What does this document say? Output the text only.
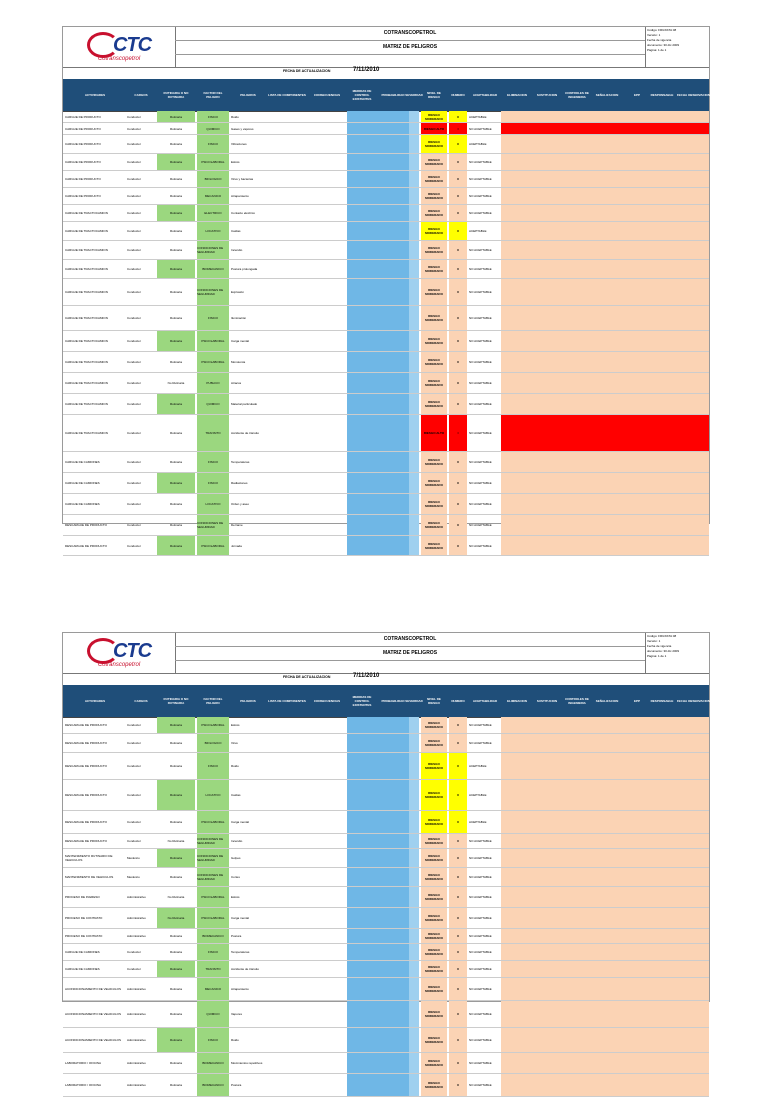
CTC
Cotranscopetrol
COTRANSCOPETROL
MATRIZ DE PELIGROS
Código: FRGSSTA 08
Versión: 1
Fecha de vigencia
documento: 30 dic 2009
Página: 1 de 1
FECHA DE ACTUALIZACION	7/11/2010
ACTIVIDADES	CARGOS	RUTINARIA O NO RUTINARIA
FACTOR DEL PELIGRO	PELIGROS	LISTA DE COMPONENTES	CONSECUENCIAS
MEDIDAS DE CONTROL EXISTENTES
PROBABILIDAD SEVERIDAD	NIVEL DE RIESGO	NUMERO	ACEPTABILIDAD	ELIMINACION	SUSTITUCION	CONTROLES DE INGENIERIA	SEÑALIZACION	EPP	RESPONSABLE	FECHA OBSERVACIONES
CARGUE DE PRODUCTO	Conductor	Rutinaria	FISICO	Ruido	RIESGO MODERADO	II	ACEPTABLE
CARGUE DE PRODUCTO	Conductor	Rutinaria	QUIMICO	Gases y vapores	RIESGO ALTO	I	NO ACEPTABLE
CARGUE DE PRODUCTO	Conductor	Rutinaria	FISICO	Vibraciones	RIESGO MODERADO	II	ACEPTABLE
CARGUE DE PRODUCTO	Conductor	Rutinaria	PSICOLABORAL	Estrés	RIESGO MODERADO	II	NO ACEPTABLE
CARGUE DE PRODUCTO	Conductor	Rutinaria	BIOLOGICO	Virus y bacterias	RIESGO MODERADO	II	NO ACEPTABLE
CARGUE DE PRODUCTO	Conductor	Rutinaria	MECANICO	Atrapamiento	RIESGO MODERADO	II	NO ACEPTABLE
CARGUE DE TRACTOCAMION	Conductor	Rutinaria	ELECTRICO	Contacto eléctrico	RIESGO MODERADO	II	NO ACEPTABLE
CARGUE DE TRACTOCAMION	Conductor	Rutinaria	LOCATIVO	Caídas	RIESGO MODERADO	II	ACEPTABLE
CARGUE DE TRACTOCAMION	Conductor	Rutinaria	CONDICIONES DE SEGURIDAD	Incendio	RIESGO MODERADO	II	NO ACEPTABLE
CARGUE DE TRACTOCAMION	Conductor	Rutinaria	BIOMECANICO	Postura prolongada	RIESGO MODERADO	II	NO ACEPTABLE
CARGUE DE TRACTOCAMION	Conductor	Rutinaria	CONDICIONES DE SEGURIDAD	Explosión	RIESGO MODERADO	II	NO ACEPTABLE
CARGUE DE TRACTOCAMION	Conductor	Rutinaria	FISICO	Iluminación	RIESGO MODERADO	II	NO ACEPTABLE
CARGUE DE TRACTOCAMION	Conductor	Rutinaria	PSICOLABORAL	Carga mental	RIESGO MODERADO	II	NO ACEPTABLE
CARGUE DE TRACTOCAMION	Conductor	Rutinaria	PSICOLABORAL	Monotonía	RIESGO MODERADO	II	NO ACEPTABLE
CARGUE DE TRACTOCAMION	Conductor	No Rutinaria	PUBLICO	Atracos	RIESGO MODERADO	II	NO ACEPTABLE
CARGUE DE TRACTOCAMION	Conductor	Rutinaria	QUIMICO	Material particulado	RIESGO MODERADO	II	NO ACEPTABLE
CARGUE DE TRACTOCAMION	Conductor	Rutinaria	TRANSITO	Accidente de tránsito	RIESGO ALTO	I	NO ACEPTABLE
CARGUE DE CAMIONES	Conductor	Rutinaria	FISICO	Temperaturas	RIESGO MODERADO	II	NO ACEPTABLE
CARGUE DE CAMIONES	Conductor	Rutinaria	FISICO	Radiaciones	RIESGO MODERADO	II	NO ACEPTABLE
CARGUE DE CAMIONES	Conductor	Rutinaria	LOCATIVO	Orden y aseo	RIESGO MODERADO	II	NO ACEPTABLE
DESCARGUE DE PRODUCTO	Conductor	Rutinaria	CONDICIONES DE SEGURIDAD	Derrame	RIESGO MODERADO	II	NO ACEPTABLE
DESCARGUE DE PRODUCTO	Conductor	Rutinaria	PSICOLABORAL	Jornada	RIESGO MODERADO	II	NO ACEPTABLE
CTC
Cotranscopetrol
COTRANSCOPETROL
MATRIZ DE PELIGROS
Código: FRGSSTA 08
Versión: 1
Fecha de vigencia
documento: 30 dic 2009
Página: 1 de 1
FECHA DE ACTUALIZACION	7/11/2010
ACTIVIDADES	CARGOS	RUTINARIA O NO RUTINARIA
FACTOR DEL PELIGRO	PELIGROS	LISTA DE COMPONENTES	CONSECUENCIAS
MEDIDAS DE CONTROL EXISTENTES
PROBABILIDAD SEVERIDAD	NIVEL DE RIESGO	NUMERO	ACEPTABILIDAD	ELIMINACION	SUSTITUCION	CONTROLES DE INGENIERIA	SEÑALIZACION	EPP	RESPONSABLE	FECHA OBSERVACIONES
DESCARGUE DE PRODUCTO	Conductor	Rutinaria	PSICOLABORAL	Estrés	RIESGO MODERADO	II	NO ACEPTABLE
DESCARGUE DE PRODUCTO	Conductor	Rutinaria	BIOLOGICO	Virus	RIESGO MODERADO	II	NO ACEPTABLE
DESCARGUE DE PRODUCTO	Conductor	Rutinaria	FISICO	Ruido	RIESGO MODERADO	II	ACEPTABLE
DESCARGUE DE PRODUCTO	Conductor	Rutinaria	LOCATIVO	Caídas	RIESGO MODERADO	II	ACEPTABLE
DESCARGUE DE PRODUCTO	Conductor	Rutinaria	PSICOLABORAL	Carga mental	RIESGO MODERADO	II	ACEPTABLE
DESCARGUE DE PRODUCTO	Conductor	No Rutinaria	CONDICIONES DE SEGURIDAD	Incendio	RIESGO MODERADO	II	NO ACEPTABLE
MANTENIMIENTO RUTINARIO DE VEHICULOS	Mecánico	Rutinaria	CONDICIONES DE SEGURIDAD	Golpes	RIESGO MODERADO	II	NO ACEPTABLE
MANTENIMIENTO DE VEHICULOS	Mecánico	Rutinaria	CONDICIONES DE SEGURIDAD	Cortes	RIESGO MODERADO	II	NO ACEPTABLE
PROCESO DE INGRESO	Administrativo	No Rutinaria	PSICOLABORAL	Estrés	RIESGO MODERADO	II	NO ACEPTABLE
PROCESO DE CONTRATO	Administrativo	No Rutinaria	PSICOLABORAL	Carga mental	RIESGO MODERADO	II	NO ACEPTABLE
PROCESO DE CONTRATO	Administrativo	Rutinaria	BIOMECANICO	Postura	RIESGO MODERADO	II	NO ACEPTABLE
CARGUE DE CAMIONES	Conductor	Rutinaria	FISICO	Temperaturas	RIESGO MODERADO	II	NO ACEPTABLE
CARGUE DE CAMIONES	Conductor	Rutinaria	TRANSITO	Accidente de tránsito	RIESGO MODERADO	II	NO ACEPTABLE
ACONDICIONAMIENTO DE VEHICULOS	Administrativo	Rutinaria	MECANICO	Atrapamiento	RIESGO MODERADO	II	NO ACEPTABLE
ACONDICIONAMIENTO DE VEHICULOS	Administrativo	Rutinaria	QUIMICO	Vapores	RIESGO MODERADO	II	NO ACEPTABLE
ACONDICIONAMIENTO DE VEHICULOS	Administrativo	Rutinaria	FISICO	Ruido	RIESGO MODERADO	II	NO ACEPTABLE
LABORATORIO / OFICINA	Administrativo	Rutinaria	BIOMECANICO	Movimientos repetitivos	RIESGO MODERADO	II	NO ACEPTABLE
LABORATORIO / OFICINA	Administrativo	Rutinaria	BIOMECANICO	Postura	RIESGO MODERADO	II	NO ACEPTABLE
